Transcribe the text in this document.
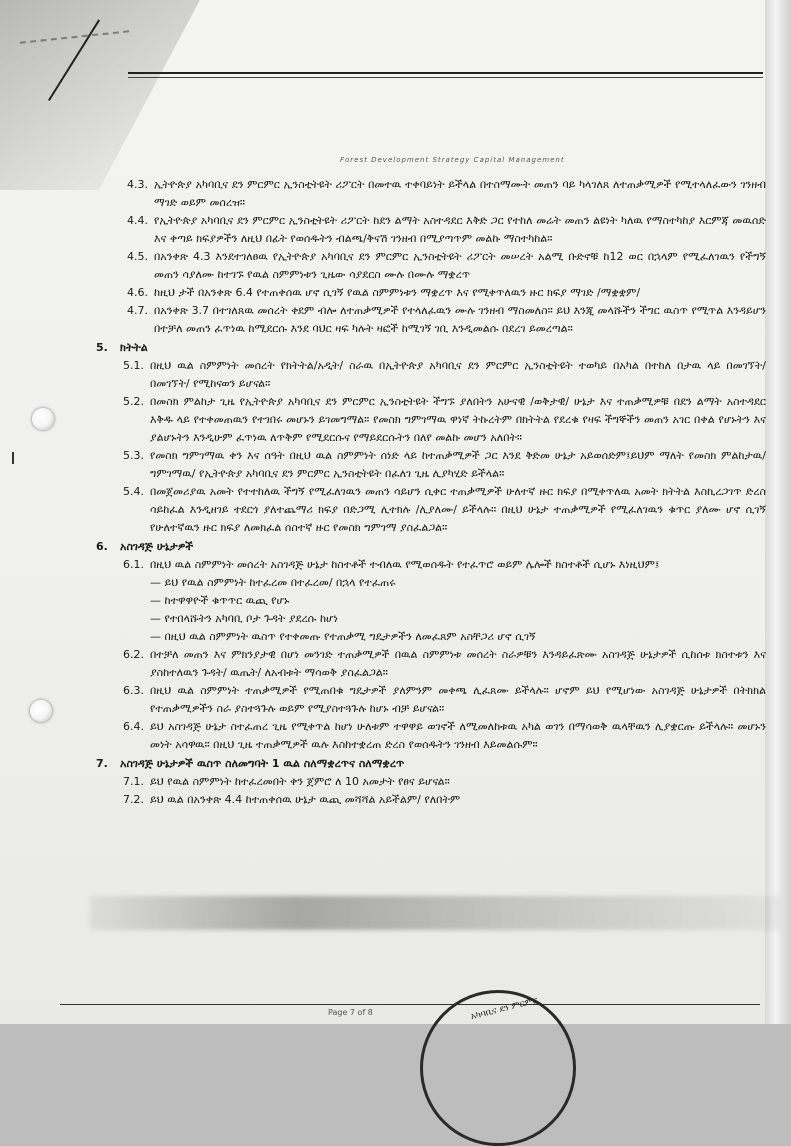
Forest Development Strategy Capital Management
4.3. ኢትዮጵያ አካባቢና ደን ምርምር ኢንስቲትዩት ሪፖርት በመተዉ ተቀባይነት ይችላል በተስማሙት መጠን ባይ ካላገለጸ ለተጠቃሚዎች የሚተላለፈውን ገንዘብ ማገድ ወይም መሰረዝ።
4.4. የኢትዮጵያ አካባቢና ደን ምርምር ኢንስቲትዩት ሪፖርት ከደን ልማት አስተዳደር እቅድ ጋር የተከለ መሬት መጠን ልዩነት ካለዉ የማስተካከያ እርምጃ መዉሰድ እና ቀጣይ ክፍያዎችን ለዚህ በፊት የወሰዱትን ብልጫ/ቅናሽ ገንዘብ በሚያጣጥም መልኩ ማስተካከል።
4.5. በአንቀጽ 4.3 እንደተገለፀዉ የኢትዮጵያ አካባቢና ደን ምርምር ኢንስቲትዩት ሪፖርት መሠረት አልሚ ቡድኖቹ ከ12 ወር በኋላም የሚፈለገዉን የችግኝ መጠን ሳያለሙ ከተገኙ የዉል ስምምነቱን ጊዜው ሳያደርስ ሙሉ በሙሉ ማቋረጥ
4.6. ከዚህ ታች በአንቀጽ 6.4 የተጠቀሰዉ ሆኖ ሲገኝ የዉል ስምምነቱን ማቋረጥ እና የሚቀጥለዉን ዙር ክፍያ ማገድ /ማቋቋም/
4.7. በአንቀጽ 3.7 በተገለጸዉ መሰረት ቀደም ብሎ ለተጠቃሚዎች የተላለፈዉን ሙሉ ገንዘብ ማስመለስ። ይህ እንጂ መላሹችን ችግር ዉስጥ የሚጥል እንዳይሆን በተቻለ መጠን ፈጥነዉ ከሚደርሱ እንደ ባህር ዛፍ ካሉት ዛፎች ከሚገኝ ገቢ እንዲመልሱ በደረገ ይመረጣል።
5.	ክትትል
5.1. በዚህ ዉል ስምምነት መሰረት የክትትል/አዲት/ ስራዉ በኢትዮጵያ አካባቢና ደን ምርምር ኢንስቲትዩት ተወካይ በአካል በተከለ በታዉ ላይ በመገኘት/ በመገኘት/ የሚከናወን ይሆናል።
5.2. በመስክ ምልከታ ጊዜ የኢትዮጵያ አካባቢና ደን ምርምር ኢንስቲትዩት ችግኙ ያለበትን አሁናዊ /ወቅታዊ/ ሁኔታ እና ተጠቃሚዎቹ በደን ልማት አስተዳደር እቅዱ ላይ የተቀመጠዉን የተገበሩ መሆኑን ይገመግማል። የመስክ ግምገማዉ ዋነኛ ትኩረትም በክትትል የደረቁ የዛፍ ችግኞችን መጠን አገር በቀል የሆኑትን እና ያልሆኑትን እንዲሁም ፈጥነዉ ለጥቅም የሚደርሱና የማይደርሱትን በለየ መልኩ መሆን አለበት።
5.3. የመስክ ግምገማዉ ቀን እና ሰዓት በዚህ ዉል ስምምነት ሰነድ ላይ ከተጠቃሚዎች ጋር እንደ ቅድመ ሁኔታ አይወሰድም፤ይህም ማለት የመስክ ምልከታዉ/ ግምገማዉ/ የኢትዮጵያ አካባቢና ደን ምርምር ኢንስቲትዩት በፈለገ ጊዜ ሊያካሂድ ይችላል።
5.4. በመጀመሪያዉ አመት የተተከለዉ ችግኝ የሚፈለገዉን መጠን ሳይሆን ሲቀር ተጠቃሚዎች ሁለተኛ ዙር ክፍያ በሚቀጥለዉ አመት ክትትል እስኪረጋገጥ ድረስ ሳይከፈል እንዲዘገይ ተደርጎ ያለተጨማሪ ክፍያ በድጋሚ ሊተክሉ /ሊያለሙ/ ይችላሉ። በዚህ ሁኔታ ተጠቃሚዎች የሚፈለገዉን ቁጥር ያለሙ ሆኖ ሲገኝ የሁለተኛዉን ዙር ክፍያ ለመክፈል ሰስተኛ ዙር የመስክ ግምገማ ያስፈልጋል።
6.	አስገዳጅ ሁኔታዎች
6.1. በዚህ ዉል ስምምነት መሰረት አስገዳጅ ሁኔታ ከስተቶች ተብለዉ የሚወሰዱት የተፈጥሮ ወይም ሌሎች ክስተቶች ሲሆኑ እነዚህም፤
— ይህ የዉል ስምምነት ከተፈረመ በተፈረመ/ በኋላ የተፈጠሩ
— ከተዋዋዮች ቁጥጥር ዉጪ የሆኑ
— የተበላሹትን አካባቢ ቦታ ጉዳት ያደረሱ ከሆነ
— በዚህ ዉል ስምምነት ዉስጥ የተቀመጡ የተጠቃሚ ግዴታዎችን ለመፈጸም አስቸጋሪ ሆኖ ሲገኝ
6.2. በተቻለ መጠን እና ምክንያታዊ በሆነ መንገድ ተጠቃሚዎች በዉል ስምምነቱ መሰረት ስራዎቹን እንዳይፈጽሙ አስገዳጅ ሁኔታዎች ሲከሰቱ ክስተቱን እና ያስከተለዉን ጉዳት/ ዉጤት/ ለአብቱት ማሳወቅ ያስፈልጋል።
6.3. በዚህ ዉል ስምምነት ተጠቃሚዎች የሚጠበቁ ግዴታዎች ያለምንም መቀጫ ሊፈጸሙ ይችላሉ። ሆኖም ይህ የሚሆነው አስገዳጅ ሁኔታዎች በትክክል የተጠቃሚዎችን ስራ ያስተጓጉሉ ወይም የሚያስተጓጉሉ ከሆኑ ብቻ ይሆናል።
6.4. ይህ አስገዳጅ ሁኔታ ስተፈጠረ ጊዜ የሚቀጥል ከሆነ ሁለቱም ተዋዋይ ወገኖች ለሚመለከቱዉ አካል ወገን በማሳወቅ ዉላቸዉን ሊያቋርጡ ይችላሉ። መሆኑን መነት አሳዋዉ። በዚህ ጊዜ ተጠቃሚዎች ዉሉ እስከተቋረጠ ድረስ የወሰዱትን ገንዘብ እይመልሱም።
7.	አስገዳጅ ሁኔታዎች ዉስጥ ስለመግባት 1 ዉል ስለማቋረጥና ስለማቋረጥ
7.1. ይህ የዉል ስምምነት ከተፈረመበት ቀን ጀምሮ ለ 10 አመታት የፀና ይሆናል።
7.2. ይህ ዉል በአንቀጽ 4.4 ከተጠቀሰዉ ሁኔታ ዉጪ መሻሻል አይችልም/ የለበትም
Page 7 of 8	አካባቢና ደን ምርምር
